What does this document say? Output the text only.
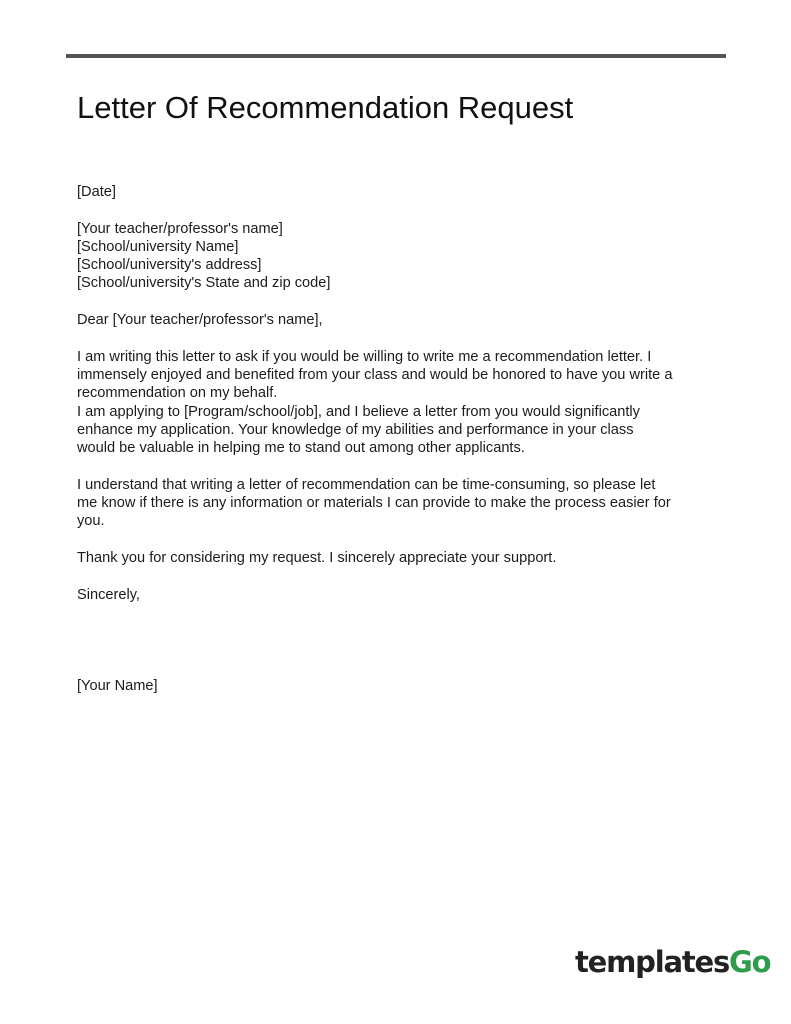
Letter Of Recommendation Request

[Date]

[Your teacher/professor's name]

[School/university Name]

[School/university's address]

[School/university's State and zip code]

Dear [Your teacher/professor's name],

I am writing this letter to ask if you would be willing to write me a recommendation letter. I

immensely enjoyed and benefited from your class and would be honored to have you write a

recommendation on my behalf.

I am applying to [Program/school/job], and I believe a letter from you would significantly

enhance my application. Your knowledge of my abilities and performance in your class

would be valuable in helping me to stand out among other applicants.

I understand that writing a letter of recommendation can be time-consuming, so please let

me know if there is any information or materials I can provide to make the process easier for

you.

Thank you for considering my request. I sincerely appreciate your support.

Sincerely,

[Your Name]

templatesGo
